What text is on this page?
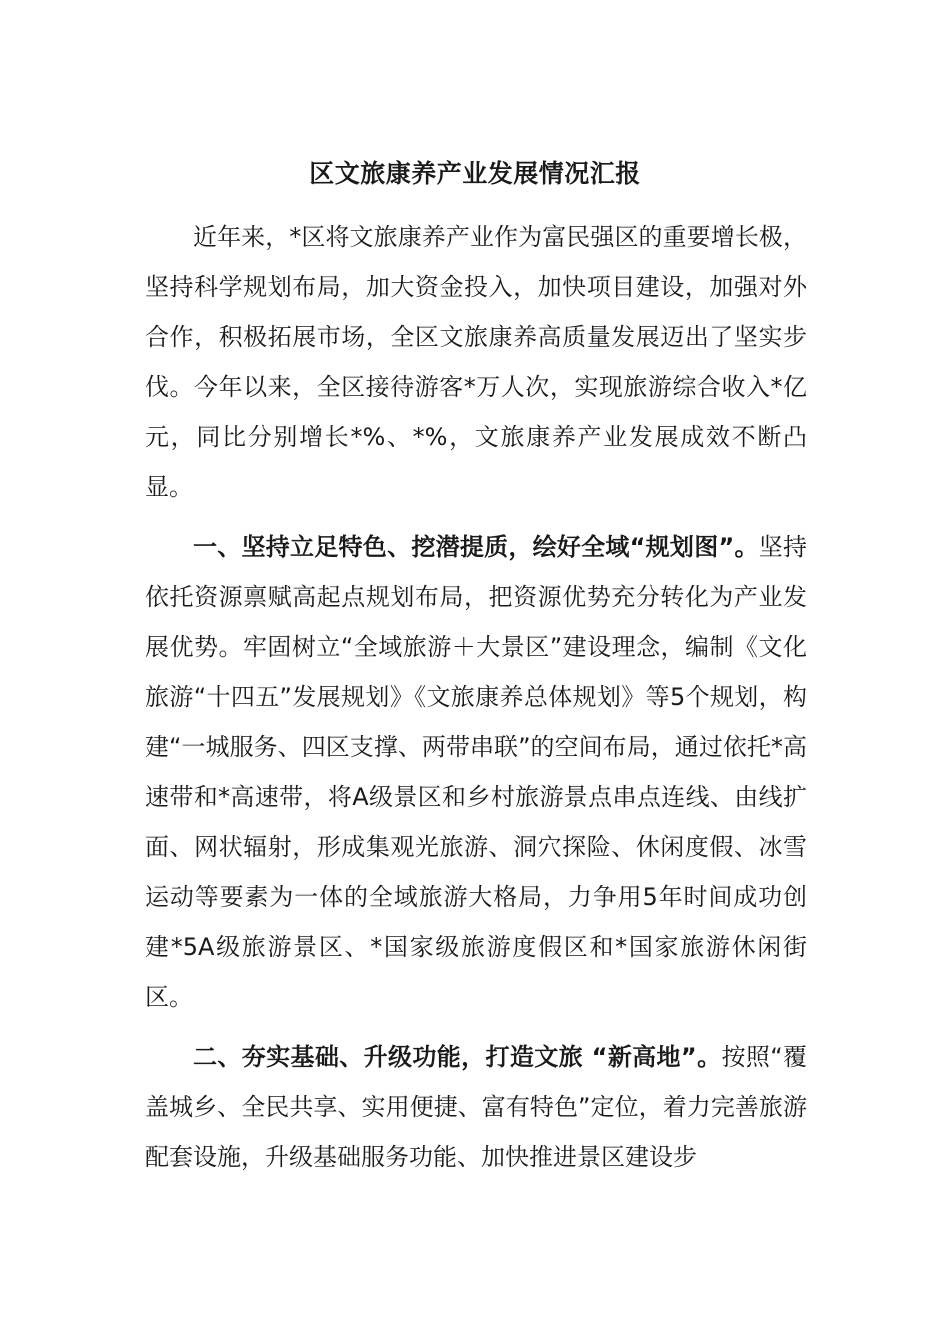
区文旅康养产业发展情况汇报

近年来，*区将文旅康养产业作为富民强区的重要增长极，坚持科学规划布局，加大资金投入，加快项目建设，加强对外合作，积极拓展市场，全区文旅康养高质量发展迈出了坚实步伐。今年以来，全区接待游客*万人次，实现旅游综合收入*亿元，同比分别增长*%、*%，文旅康养产业发展成效不断凸显。

一、坚持立足特色、挖潜提质，绘好全域“规划图”。坚持依托资源禀赋高起点规划布局，把资源优势充分转化为产业发展优势。牢固树立“全域旅游＋大景区”建设理念，编制《文化旅游“十四五”发展规划》《文旅康养总体规划》等5个规划，构建“一城服务、四区支撑、两带串联”的空间布局，通过依托*高速带和*高速带，将A级景区和乡村旅游景点串点连线、由线扩面、网状辐射，形成集观光旅游、洞穴探险、休闲度假、冰雪运动等要素为一体的全域旅游大格局，力争用5年时间成功创建*5A级旅游景区、*国家级旅游度假区和*国家旅游休闲街区。

二、夯实基础、升级功能，打造文旅 “新高地”。按照“覆盖城乡、全民共享、实用便捷、富有特色”定位，着力完善旅游配套设施，升级基础服务功能、加快推进景区建设步
